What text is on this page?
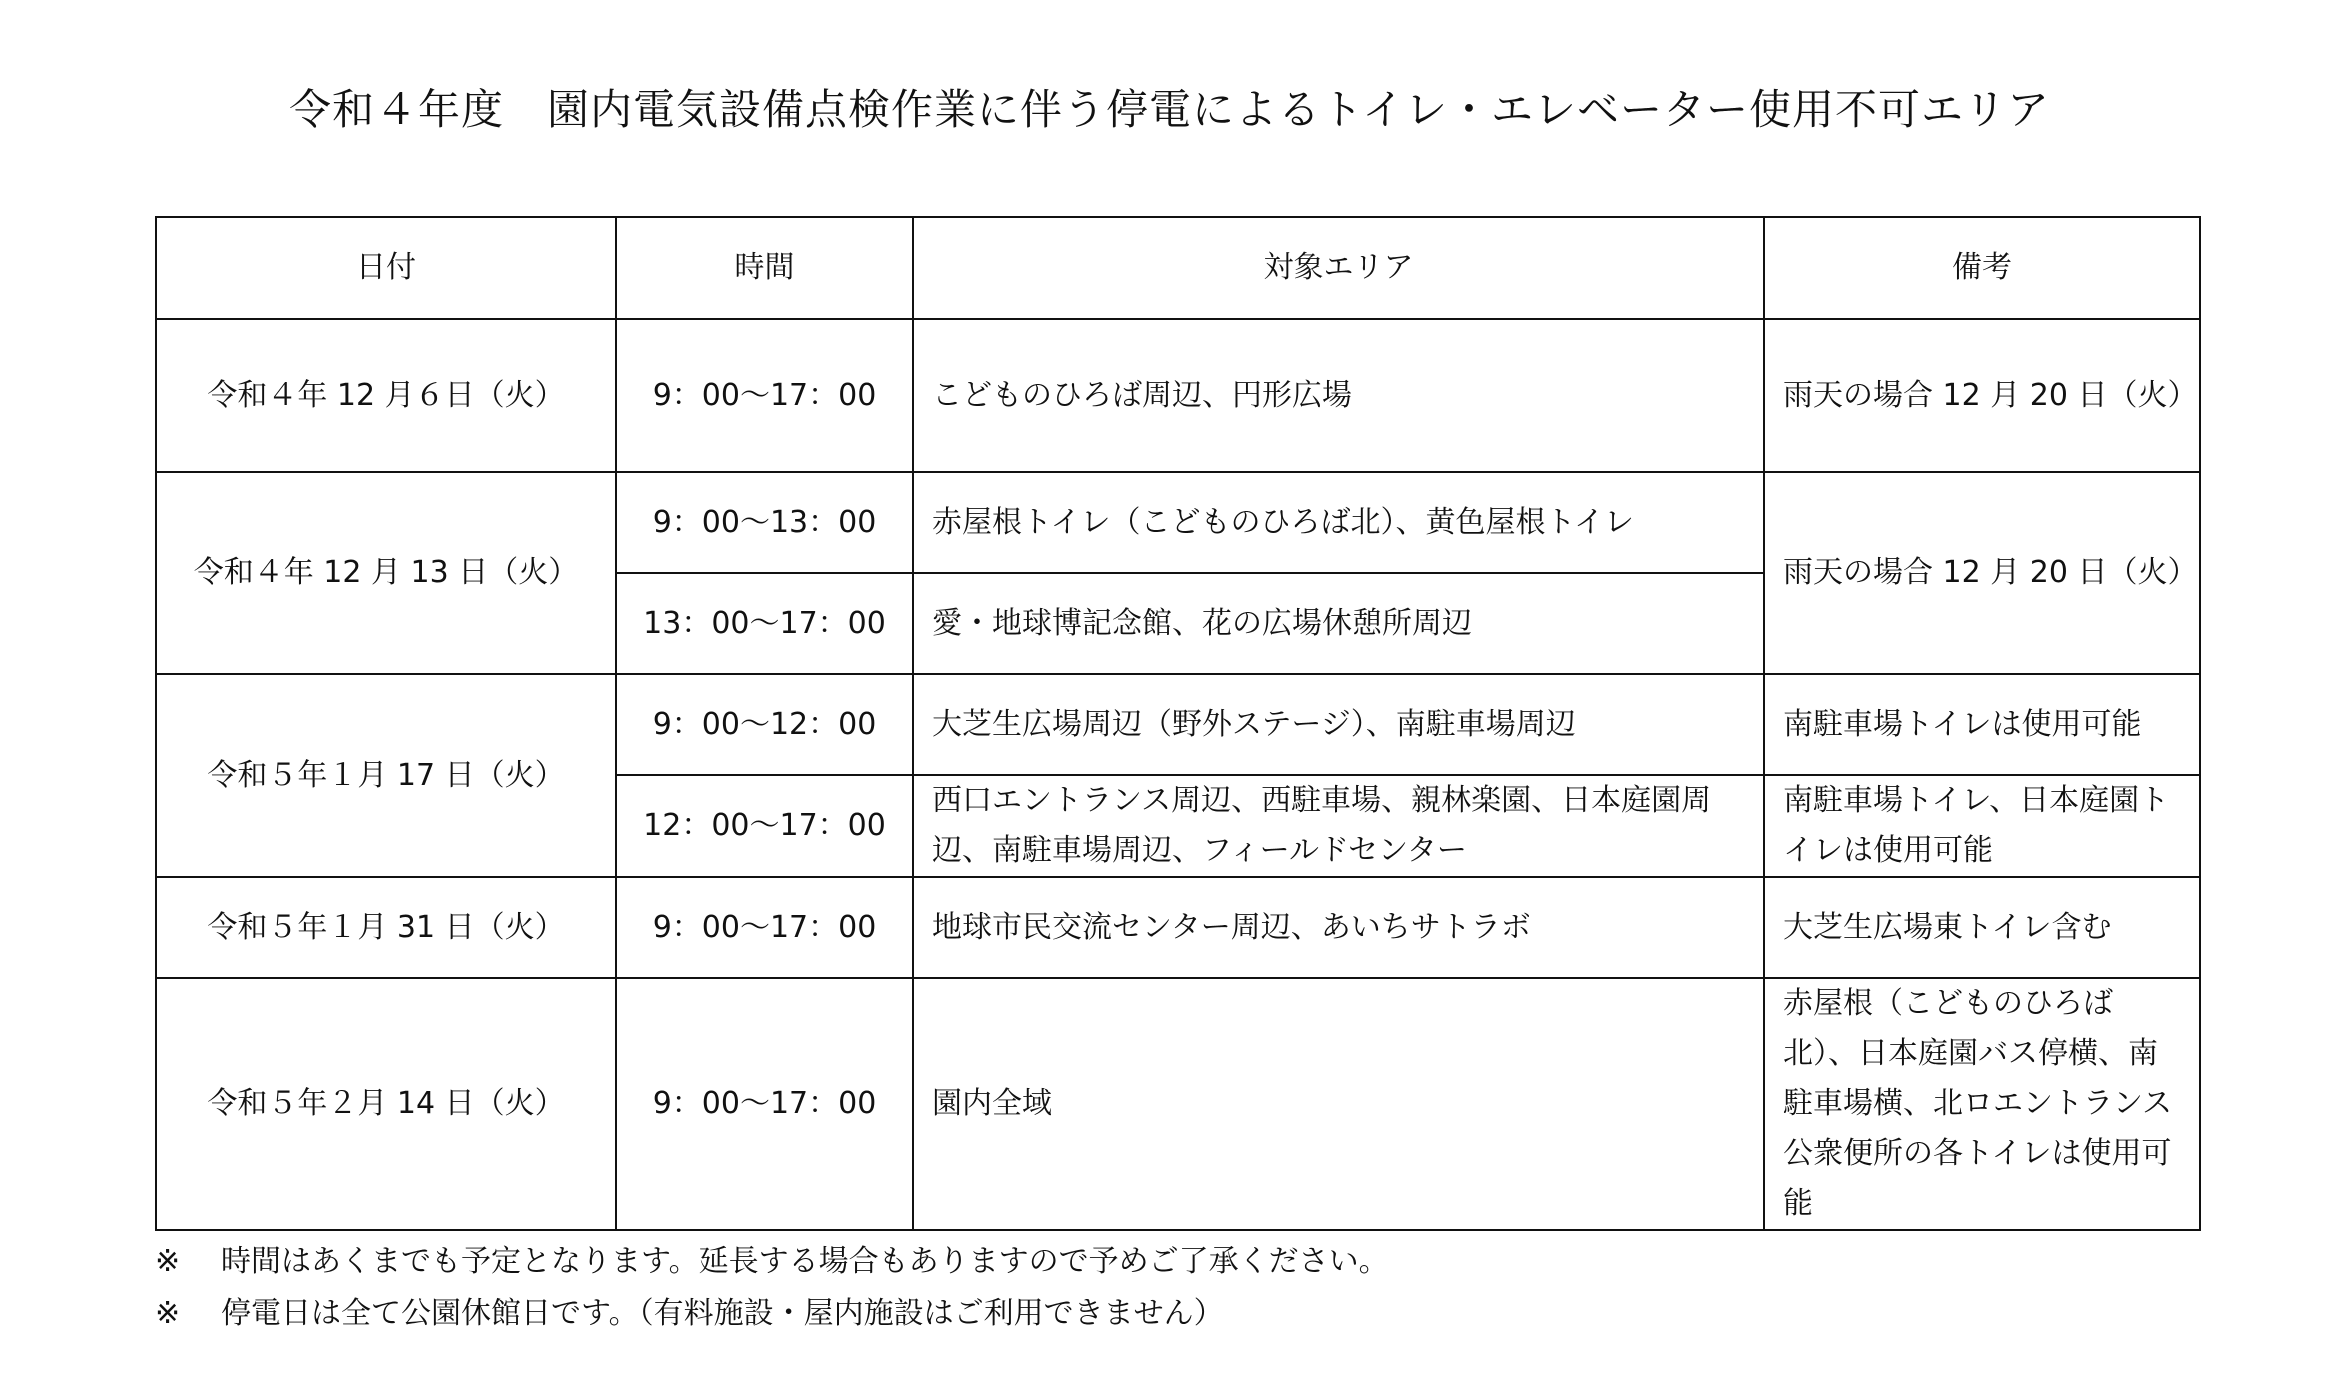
令和４年度　園内電気設備点検作業に伴う停電によるトイレ・エレベーター使用不可エリア
日付	時間	対象エリア	備考
令和４年 12 月６日（火）	9：00～17：00	こどものひろば周辺、円形広場	雨天の場合 12 月 20 日（火）
令和４年 12 月 13 日（火）	9：00～13：00	赤屋根トイレ（こどものひろば北）、黄色屋根トイレ	雨天の場合 12 月 20 日（火）
	13：00～17：00	愛・地球博記念館、花の広場休憩所周辺	
令和５年１月 17 日（火）	9：00～12：00	大芝生広場周辺（野外ステージ）、南駐車場周辺	南駐車場トイレは使用可能
	12：00～17：00	西口エントランス周辺、西駐車場、親林楽園、日本庭園周辺、南駐車場周辺、フィールドセンター	南駐車場トイレ、日本庭園トイレは使用可能
令和５年１月 31 日（火）	9：00～17：00	地球市民交流センター周辺、あいちサトラボ	大芝生広場東トイレ含む
令和５年２月 14 日（火）	9：00～17：00	園内全域	赤屋根（こどものひろば北）、日本庭園バス停横、南駐車場横、北ロエントランス公衆便所の各トイレは使用可能
※ 時間はあくまでも予定となります。延長する場合もありますので予めご了承ください。
※ 停電日は全て公園休館日です。（有料施設・屋内施設はご利用できません）
